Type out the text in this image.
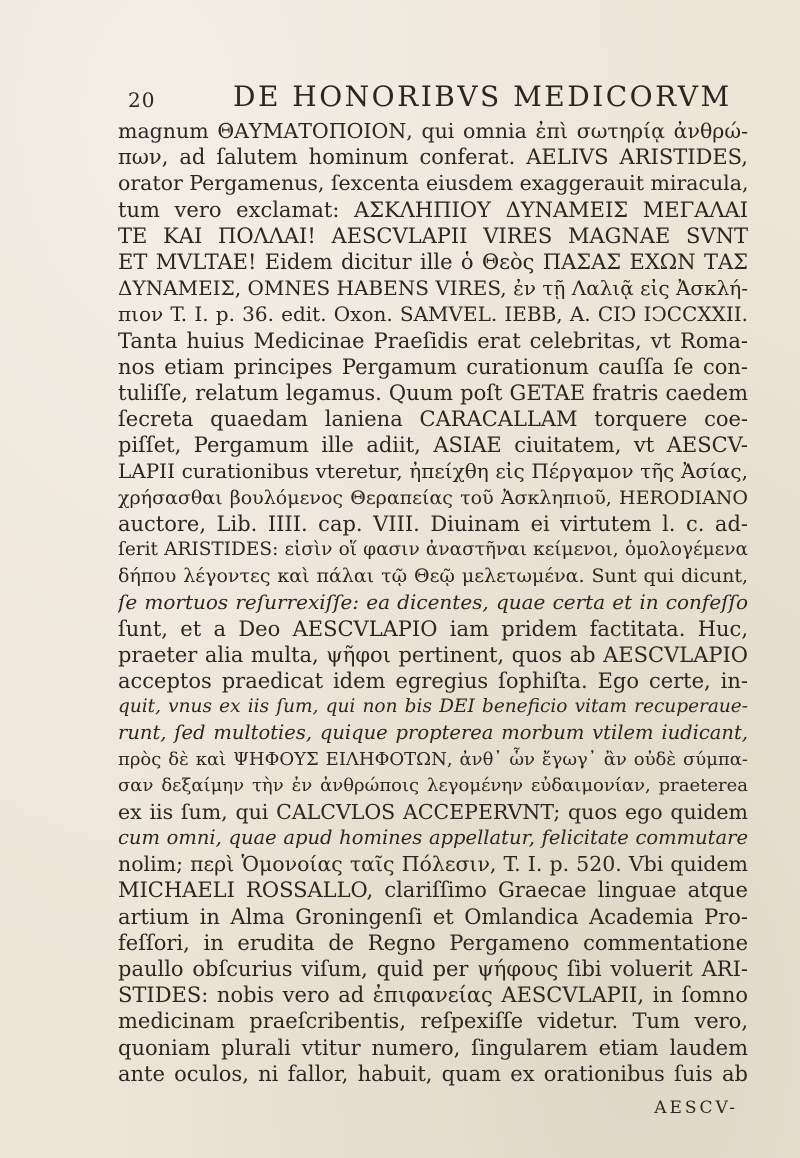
20	DE HONORIBVS MEDICORVM
magnum ΘΑΥΜΑΤΟΠΟΙΟΝ, qui omnia ἐπὶ σωτηρίᾳ ἀνθρώ-
πων, ad ſalutem hominum conferat. AELIVS ARISTIDES,
orator Pergamenus, ſexcenta eiusdem exaggerauit miracula,
tum vero exclamat: ΑΣΚΛΗΠΙΟΥ ΔΥΝΑΜΕΙΣ ΜΕΓΑΛΑΙ
ΤΕ ΚΑΙ ΠΟΛΛΑΙ! AESCVLAPII VIRES MAGNAE SVNT
ET MVLTAE! Eidem dicitur ille ὁ Θεὸς ΠΑΣΑΣ ΕΧΩΝ ΤΑΣ
ΔΥΝΑΜΕΙΣ, OMNES HABENS VIRES, ἐν τῇ Λαλιᾷ εἰς Ἀσκλή-
πιον T. I. p. 36. edit. Oxon. SAMVEL. IEBB, A. CIↃ IↃCCXXII.
Tanta huius Medicinae Praeſidis erat celebritas, vt Roma-
nos etiam principes Pergamum curationum cauſſa ſe con-
tuliſſe, relatum legamus. Quum poſt GETAE fratris caedem
ſecreta quaedam laniena CARACALLAM torquere coe-
piſſet, Pergamum ille adiit, ASIAE ciuitatem, vt AESCV-
LAPII curationibus vteretur, ἠπείχθη εἰς Πέργαμον τῆς Ἀσίας,
χρήσασθαι βουλόμενος Θεραπείας τοῦ Ἀσκληπιοῦ, HERODIANO
auctore, Lib. IIII. cap. VIII. Diuinam ei virtutem l. c. ad-
ſerit ARISTIDES: εἰσὶν οἵ φασιν ἀναστῆναι κείμενοι, ὁμολογέμενα
δήπου λέγοντες καὶ πάλαι τῷ Θεῷ μελετωμένα. Sunt qui dicunt,
ſe mortuos reſurrexiſſe: ea dicentes, quae certa et in confeſſo
ſunt, et a Deo AESCVLAPIO iam pridem factitata. Huc,
praeter alia multa, ψῆφοι pertinent, quos ab AESCVLAPIO
acceptos praedicat idem egregius ſophiſta. Ego certe, in-
quit, vnus ex iis ſum, qui non bis DEI beneficio vitam recuperaue-
runt, ſed multoties, quique propterea morbum vtilem iudicant,
πρὸς δὲ καὶ ΨΗΦΟΥΣ ΕΙΛΗΦΟΤΩΝ, ἀνθ᾽ ὧν ἔγωγ᾽ ἂν οὐδὲ σύμπα-
σαν δεξαίμην τὴν ἐν ἀνθρώποις λεγομένην εὐδαιμονίαν, praeterea
ex iis ſum, qui CALCVLOS ACCEPERVNT; quos ego quidem
cum omni, quae apud homines appellatur, felicitate commutare
nolim; περὶ Ὁμονοίας ταῖς Πόλεσιν, T. I. p. 520. Vbi quidem
MICHAELI ROSSALLO, clariſſimo Graecae linguae atque
artium in Alma Groningenſi et Omlandica Academia Pro-
feſſori, in erudita de Regno Pergameno commentatione
paullo obſcurius viſum, quid per ψήφους ſibi voluerit ARI-
STIDES: nobis vero ad ἐπιφανείας AESCVLAPII, in ſomno
medicinam praeſcribentis, reſpexiſſe videtur. Tum vero,
quoniam plurali vtitur numero, ſingularem etiam laudem
ante oculos, ni fallor, habuit, quam ex orationibus ſuis ab
AESCV-
